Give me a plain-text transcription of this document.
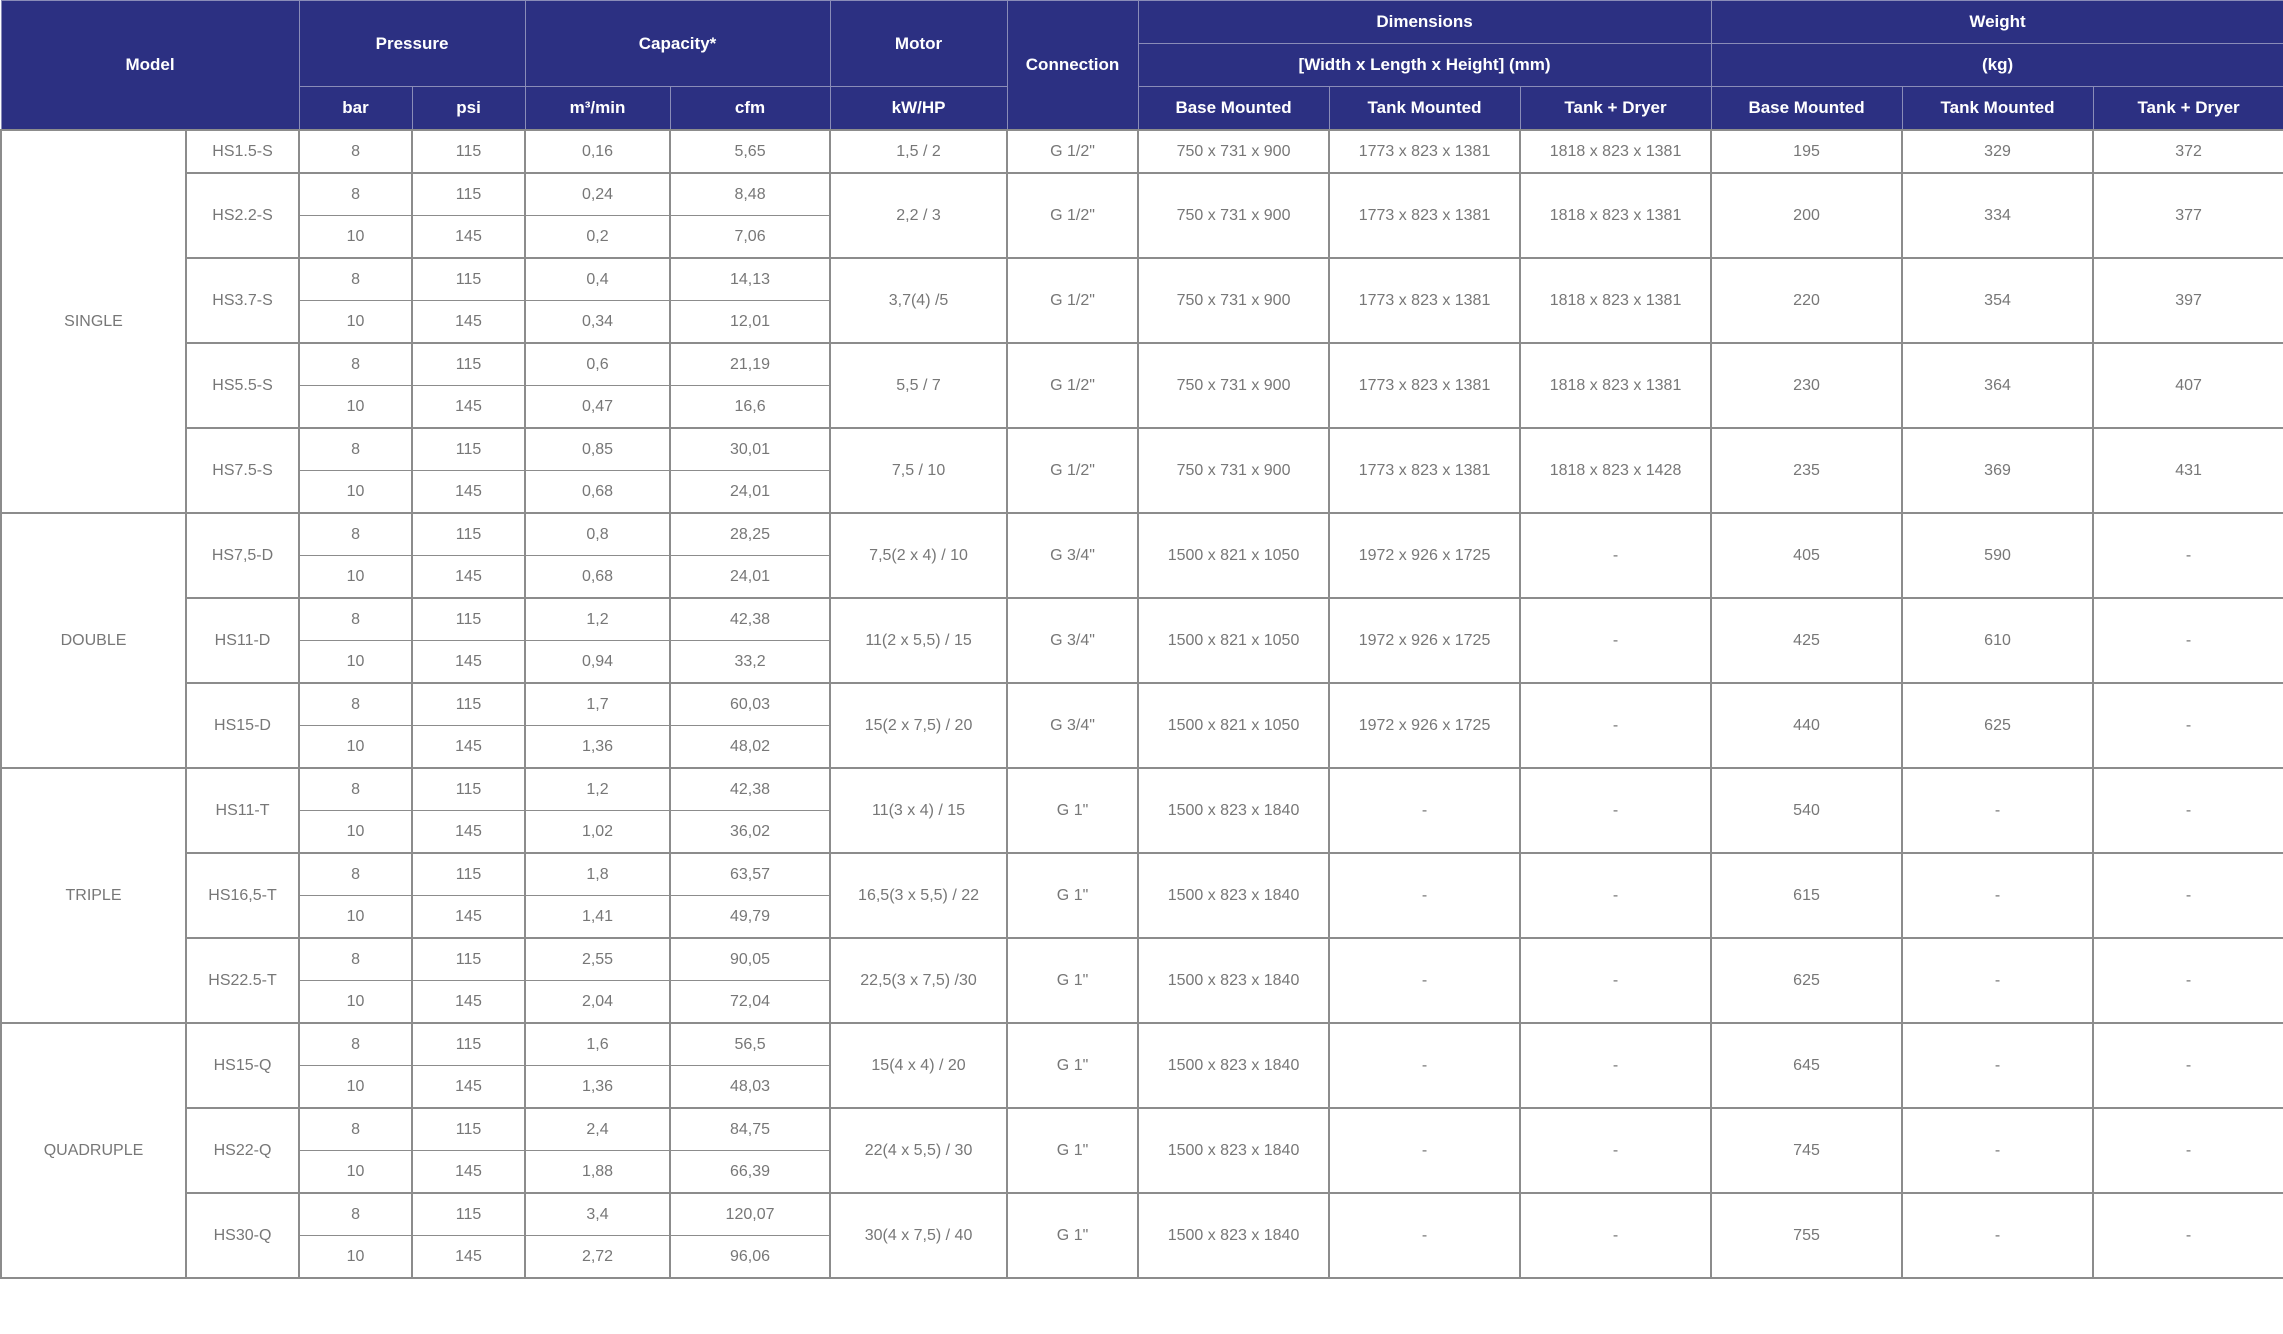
Model		Pressure		Capacity*		Motor	Connection	Dimensions			Weight		
								[Width x Length x Height] (mm)			(kg)		
		bar	psi	m³/min	cfm	kW/HP		Base Mounted	Tank Mounted	Tank + Dryer	Base Mounted	Tank Mounted	Tank + Dryer
SINGLE	HS1.5-S	8	115	0,16	5,65	1,5 / 2	G 1/2"	750 x 731 x 900	1773 x 823 x 1381	1818 x 823 x 1381	195	329	372
	HS2.2-S	8	115	0,24	8,48	2,2 / 3	G 1/2"	750 x 731 x 900	1773 x 823 x 1381	1818 x 823 x 1381	200	334	377
		10	145	0,2	7,06								
	HS3.7-S	8	115	0,4	14,13	3,7(4) /5	G 1/2"	750 x 731 x 900	1773 x 823 x 1381	1818 x 823 x 1381	220	354	397
		10	145	0,34	12,01								
	HS5.5-S	8	115	0,6	21,19	5,5 / 7	G 1/2"	750 x 731 x 900	1773 x 823 x 1381	1818 x 823 x 1381	230	364	407
		10	145	0,47	16,6								
	HS7.5-S	8	115	0,85	30,01	7,5 / 10	G 1/2"	750 x 731 x 900	1773 x 823 x 1381	1818 x 823 x 1428	235	369	431
		10	145	0,68	24,01								
DOUBLE	HS7,5-D	8	115	0,8	28,25	7,5(2 x 4) / 10	G 3/4"	1500 x 821 x 1050	1972 x 926 x 1725	-	405	590	-
		10	145	0,68	24,01								
	HS11-D	8	115	1,2	42,38	11(2 x 5,5) / 15	G 3/4"	1500 x 821 x 1050	1972 x 926 x 1725	-	425	610	-
		10	145	0,94	33,2								
	HS15-D	8	115	1,7	60,03	15(2 x 7,5) / 20	G 3/4"	1500 x 821 x 1050	1972 x 926 x 1725	-	440	625	-
		10	145	1,36	48,02								
TRIPLE	HS11-T	8	115	1,2	42,38	11(3 x 4) / 15	G 1"	1500 x 823 x 1840	-	-	540	-	-
		10	145	1,02	36,02								
	HS16,5-T	8	115	1,8	63,57	16,5(3 x 5,5) / 22	G 1"	1500 x 823 x 1840	-	-	615	-	-
		10	145	1,41	49,79								
	HS22.5-T	8	115	2,55	90,05	22,5(3 x 7,5) /30	G 1"	1500 x 823 x 1840	-	-	625	-	-
		10	145	2,04	72,04								
QUADRUPLE	HS15-Q	8	115	1,6	56,5	15(4 x 4) / 20	G 1"	1500 x 823 x 1840	-	-	645	-	-
		10	145	1,36	48,03								
	HS22-Q	8	115	2,4	84,75	22(4 x 5,5) / 30	G 1"	1500 x 823 x 1840	-	-	745	-	-
		10	145	1,88	66,39								
	HS30-Q	8	115	3,4	120,07	30(4 x 7,5) / 40	G 1"	1500 x 823 x 1840	-	-	755	-	-
		10	145	2,72	96,06								
